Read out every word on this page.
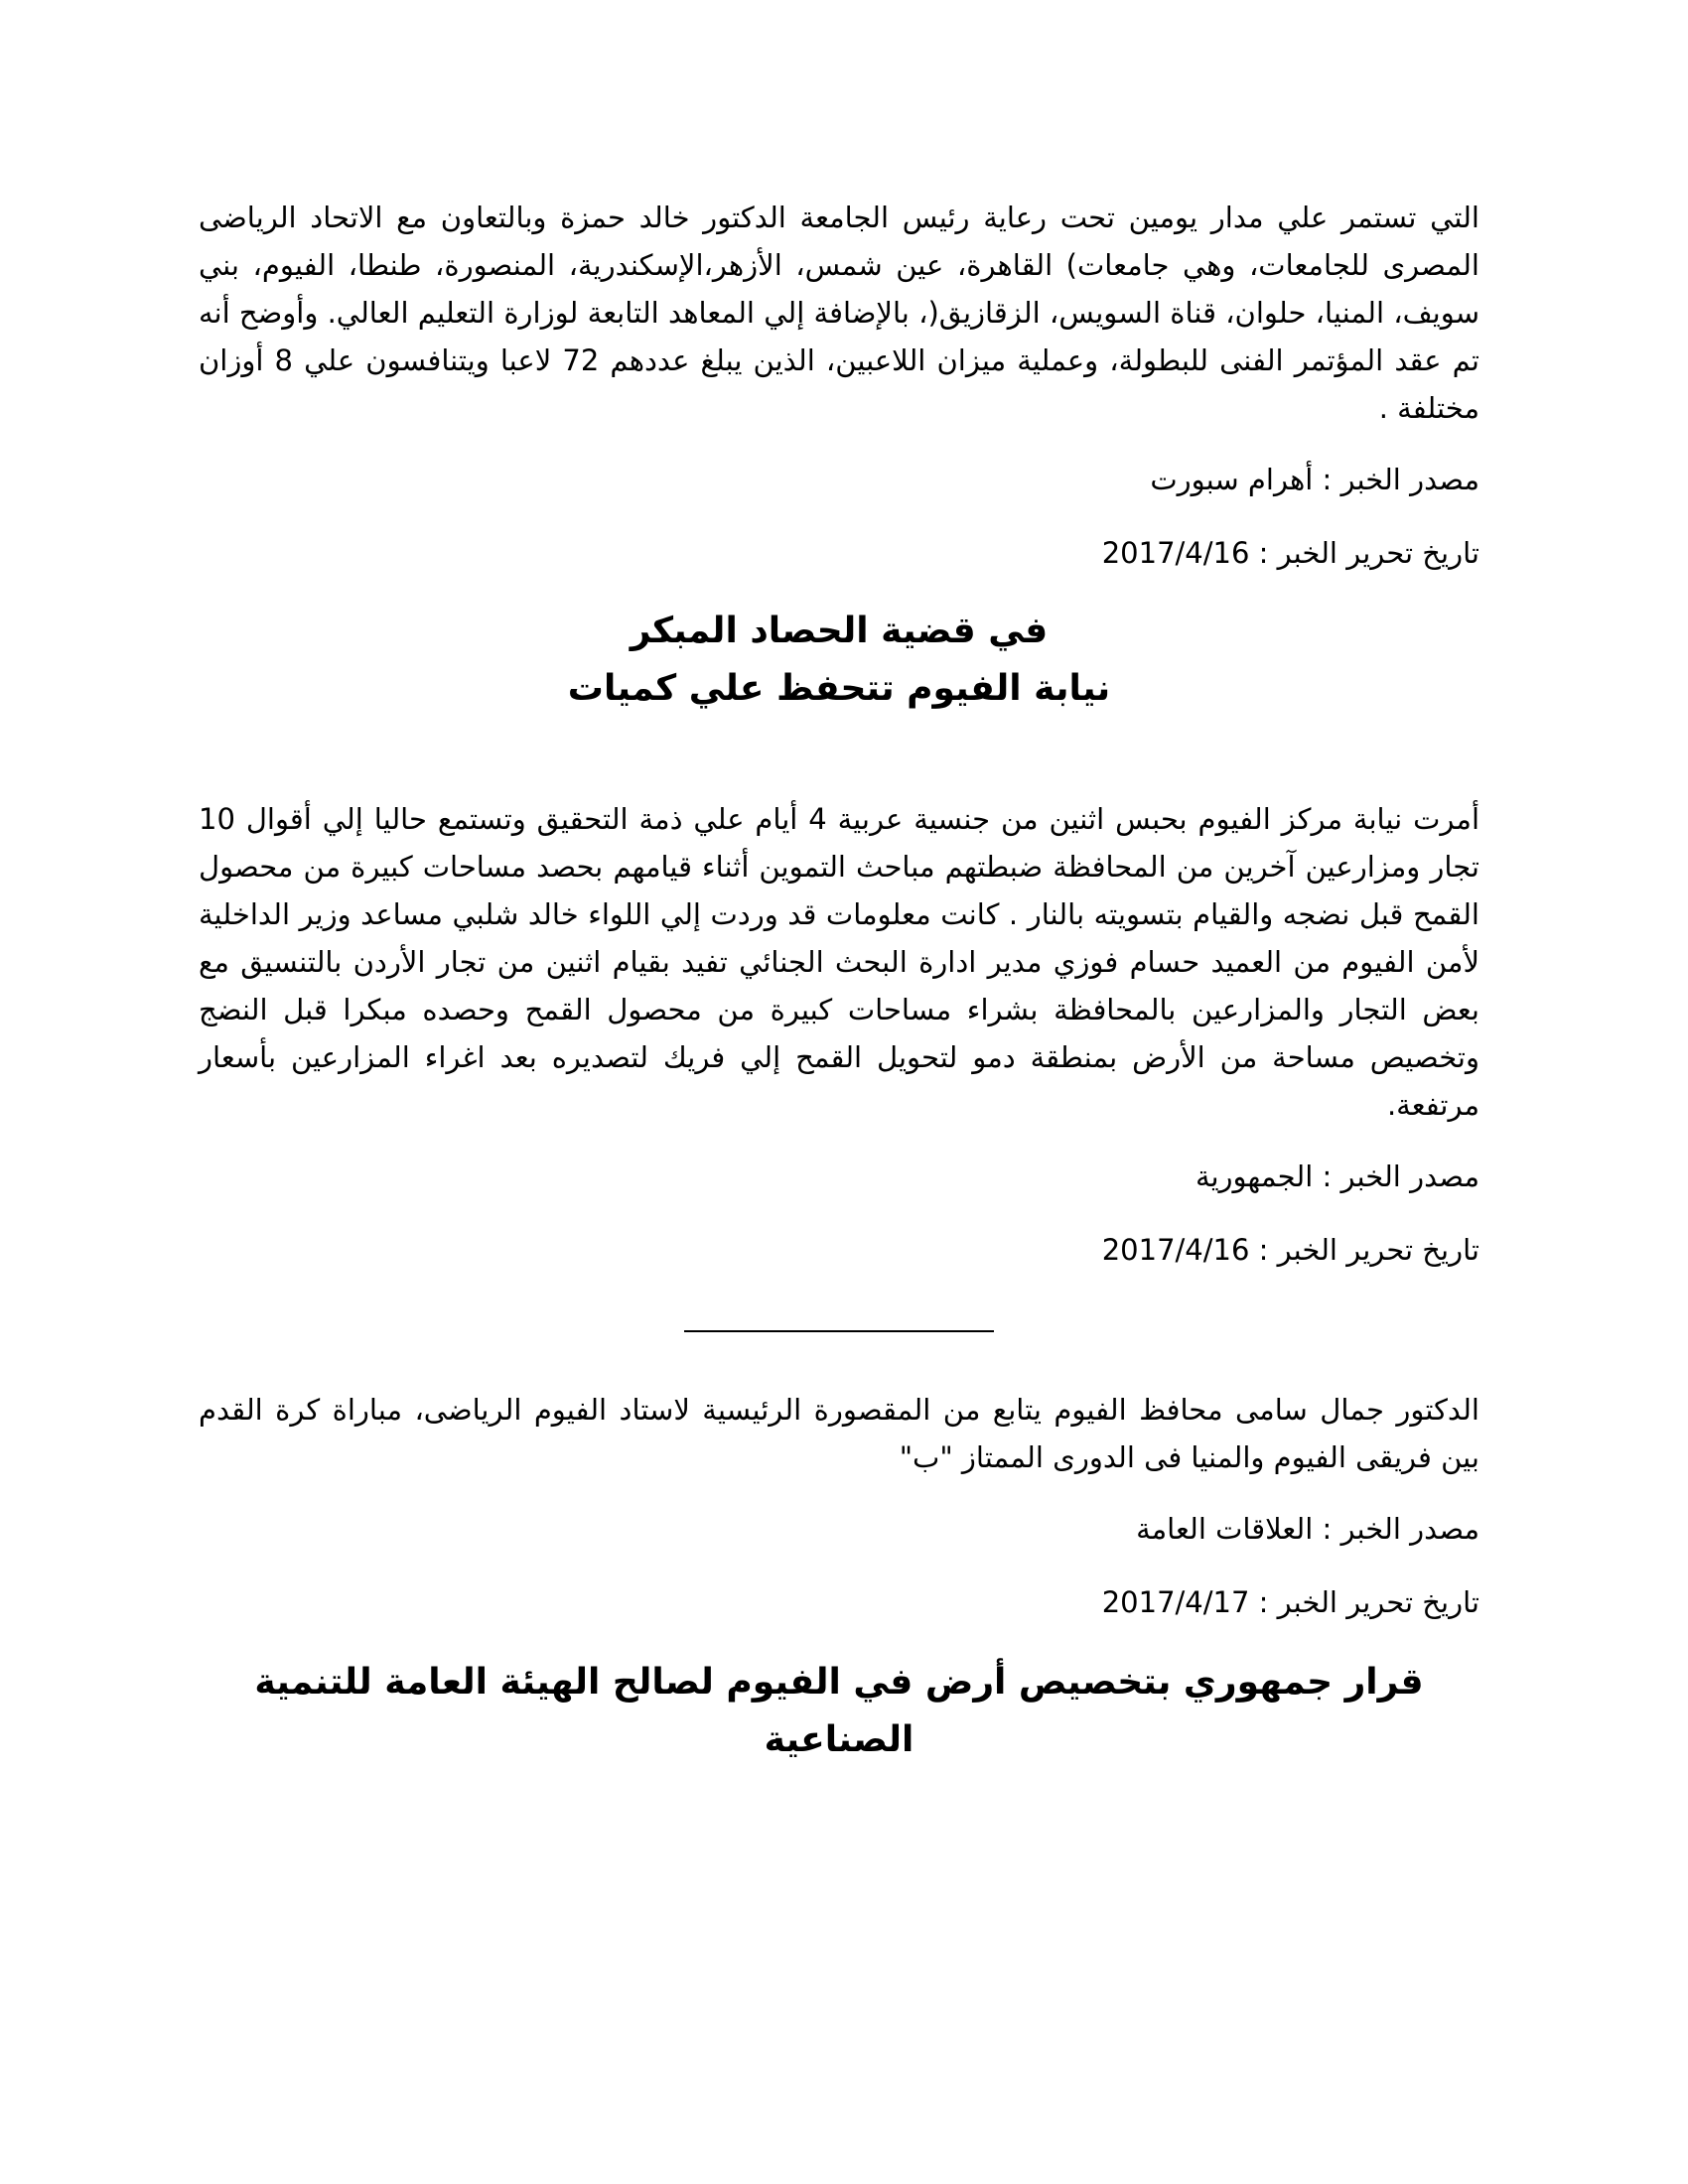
التي تستمر علي مدار يومين تحت رعاية رئيس الجامعة الدكتور خالد حمزة وبالتعاون مع الاتحاد الرياضى المصرى للجامعات، وهي جامعات) القاهرة، عين شمس، الأزهر،الإسكندرية، المنصورة، طنطا، الفيوم، بني سويف، المنيا، حلوان، قناة السويس، الزقازيق(، بالإضافة إلي المعاهد التابعة لوزارة التعليم العالي. وأوضح أنه تم عقد المؤتمر الفنى للبطولة، وعملية ميزان اللاعبين، الذين يبلغ عددهم 72 لاعبا ويتنافسون علي 8 أوزان مختلفة .

مصدر الخبر : أهرام سبورت

تاريخ تحرير الخبر : 2017/4/16

في قضية الحصاد المبكر
نيابة الفيوم تتحفظ علي كميات

أمرت نيابة مركز الفيوم بحبس اثنين من جنسية عربية 4 أيام علي ذمة التحقيق وتستمع حاليا إلي أقوال 10 تجار ومزارعين آخرين من المحافظة ضبطتهم مباحث التموين أثناء قيامهم بحصد مساحات كبيرة من محصول القمح قبل نضجه والقيام بتسويته بالنار . كانت معلومات قد وردت إلي اللواء خالد شلبي مساعد وزير الداخلية لأمن الفيوم من العميد حسام فوزي مدير ادارة البحث الجنائي تفيد بقيام اثنين من تجار الأردن بالتنسيق مع بعض التجار والمزارعين بالمحافظة بشراء مساحات كبيرة من محصول القمح وحصده مبكرا قبل النضج وتخصيص مساحة من الأرض بمنطقة دمو لتحويل القمح إلي فريك لتصديره بعد اغراء المزارعين بأسعار مرتفعة.

مصدر الخبر : الجمهورية

تاريخ تحرير الخبر : 2017/4/16

الدكتور جمال سامى محافظ الفيوم يتابع من المقصورة الرئيسية لاستاد الفيوم الرياضى، مباراة كرة القدم بين فريقى الفيوم والمنيا فى الدورى الممتاز "ب"

مصدر الخبر : العلاقات العامة

تاريخ تحرير الخبر : 2017/4/17

قرار جمهوري بتخصيص أرض في الفيوم لصالح الهيئة العامة للتنمية الصناعية
